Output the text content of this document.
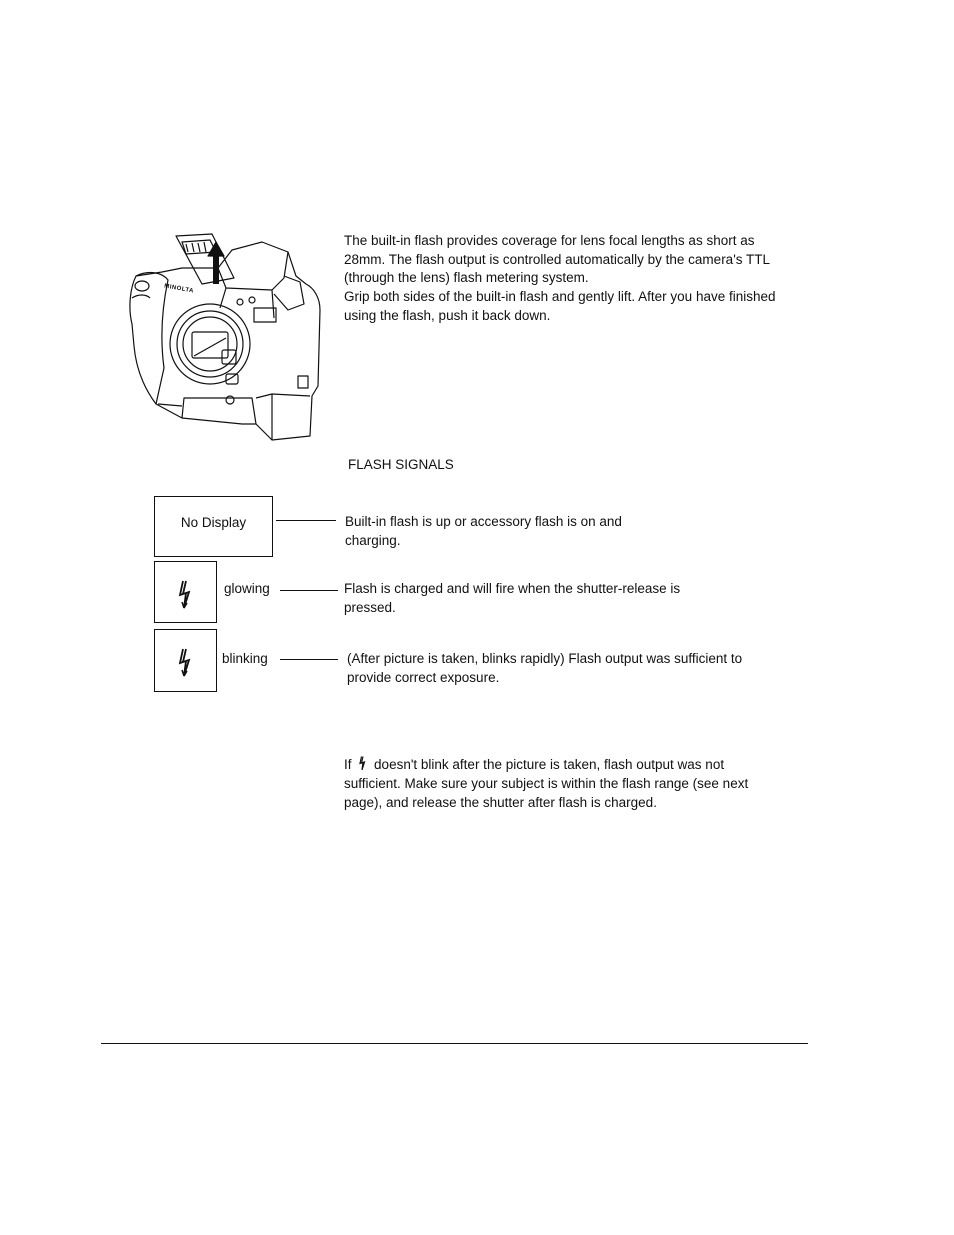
MINOLTA
The built-in flash provides coverage for lens focal lengths as short as 28mm. The flash output is controlled automatically by the camera's TTL (through the lens) flash metering system.
Grip both sides of the built-in flash and gently lift. After you have finished using the flash, push it back down.
FLASH SIGNALS
No Display	Built-in flash is up or accessory flash is on and charging.
glowing	Flash is charged and will fire when the shutter-release is pressed.
blinking	(After picture is taken, blinks rapidly) Flash output was sufficient to provide correct exposure.
If doesn't blink after the picture is taken, flash output was not sufficient. Make sure your subject is within the flash range (see next page), and release the shutter after flash is charged.
